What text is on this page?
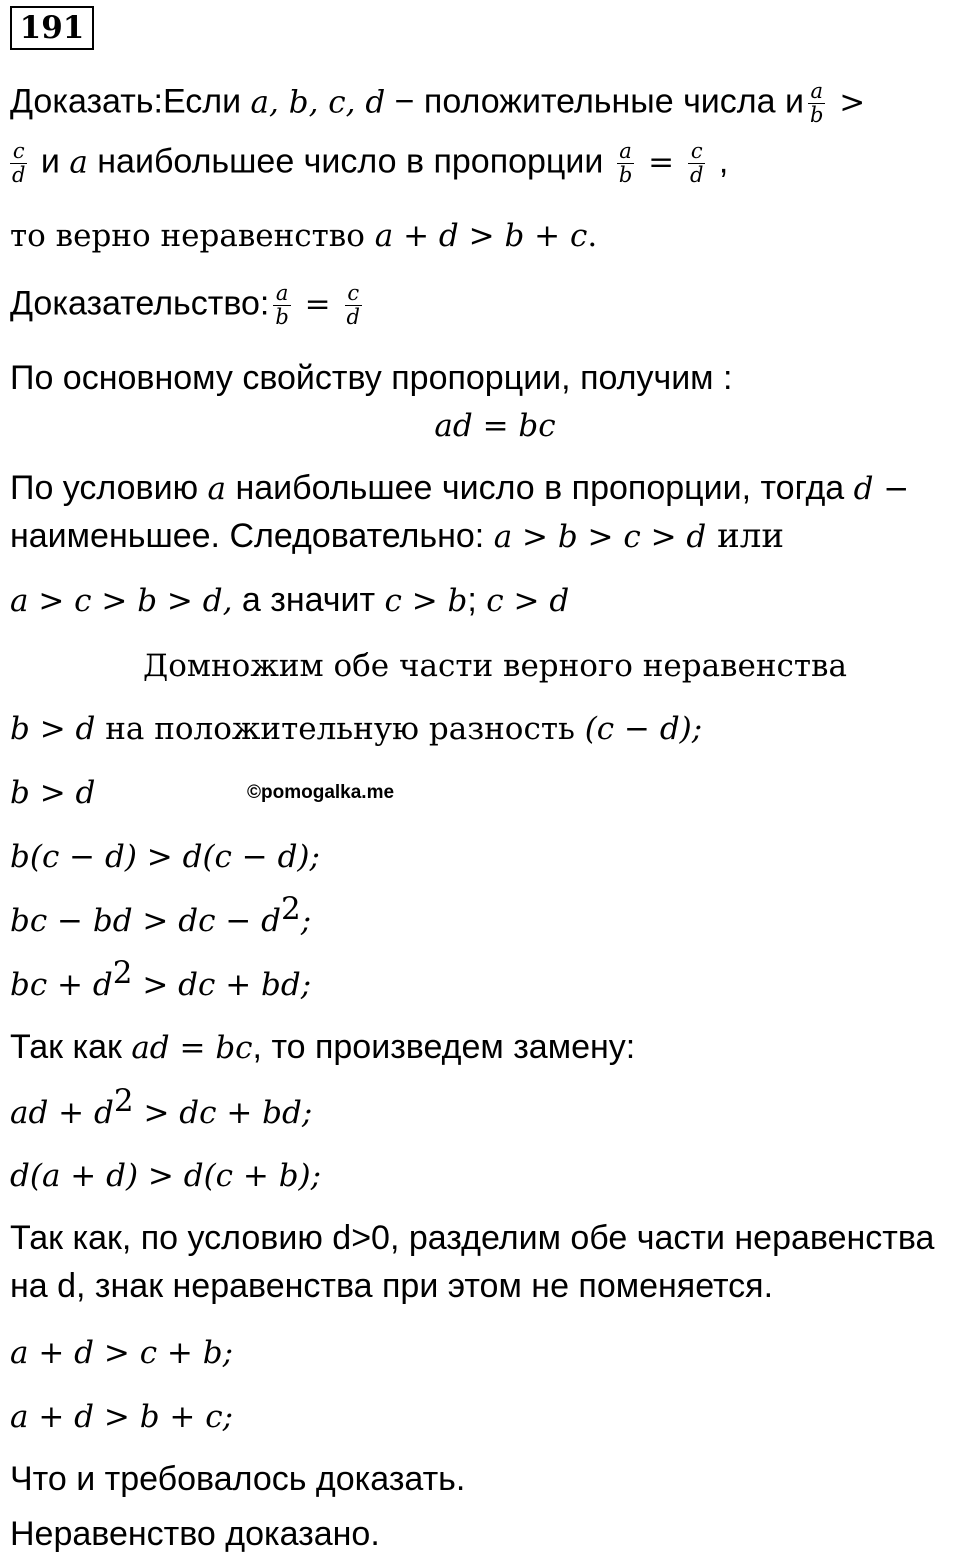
191
Доказать:Если a, b, c, d − положительные числа и $\frac{a}{b}$ >
$\frac{c}{d}$ и a наибольшее число в пропорции $\frac{a}{b} = \frac{c}{d}$ ,
то верно неравенство a + d > b + c.
Доказательство: $\frac{a}{b} = \frac{c}{d}$
По основному свойству пропорции, получим :
ad = bc
По условию a наибольшее число в пропорции, тогда d −
наименьшее. Следовательно: a > b > c > d или
a > c > b > d, а значит c > b; c > d
Домножим обе части верного неравенства
b > d на положительную разность (c − d);
b > d	©pomogalka.me
b(c − d) > d(c − d);
bc − bd > dc − $d^2$;
bc + $d^2$ > dc + bd;
Так как ad = bc, то произведем замену:
ad + $d^2$ > dc + bd;
d(a + d) > d(c + b);
Так как, по условию d>0, разделим обе части неравенства
на d, знак неравенства при этом не поменяется.
a + d > c + b;
a + d > b + c;
Что и требовалось доказать.
Неравенство доказано.
